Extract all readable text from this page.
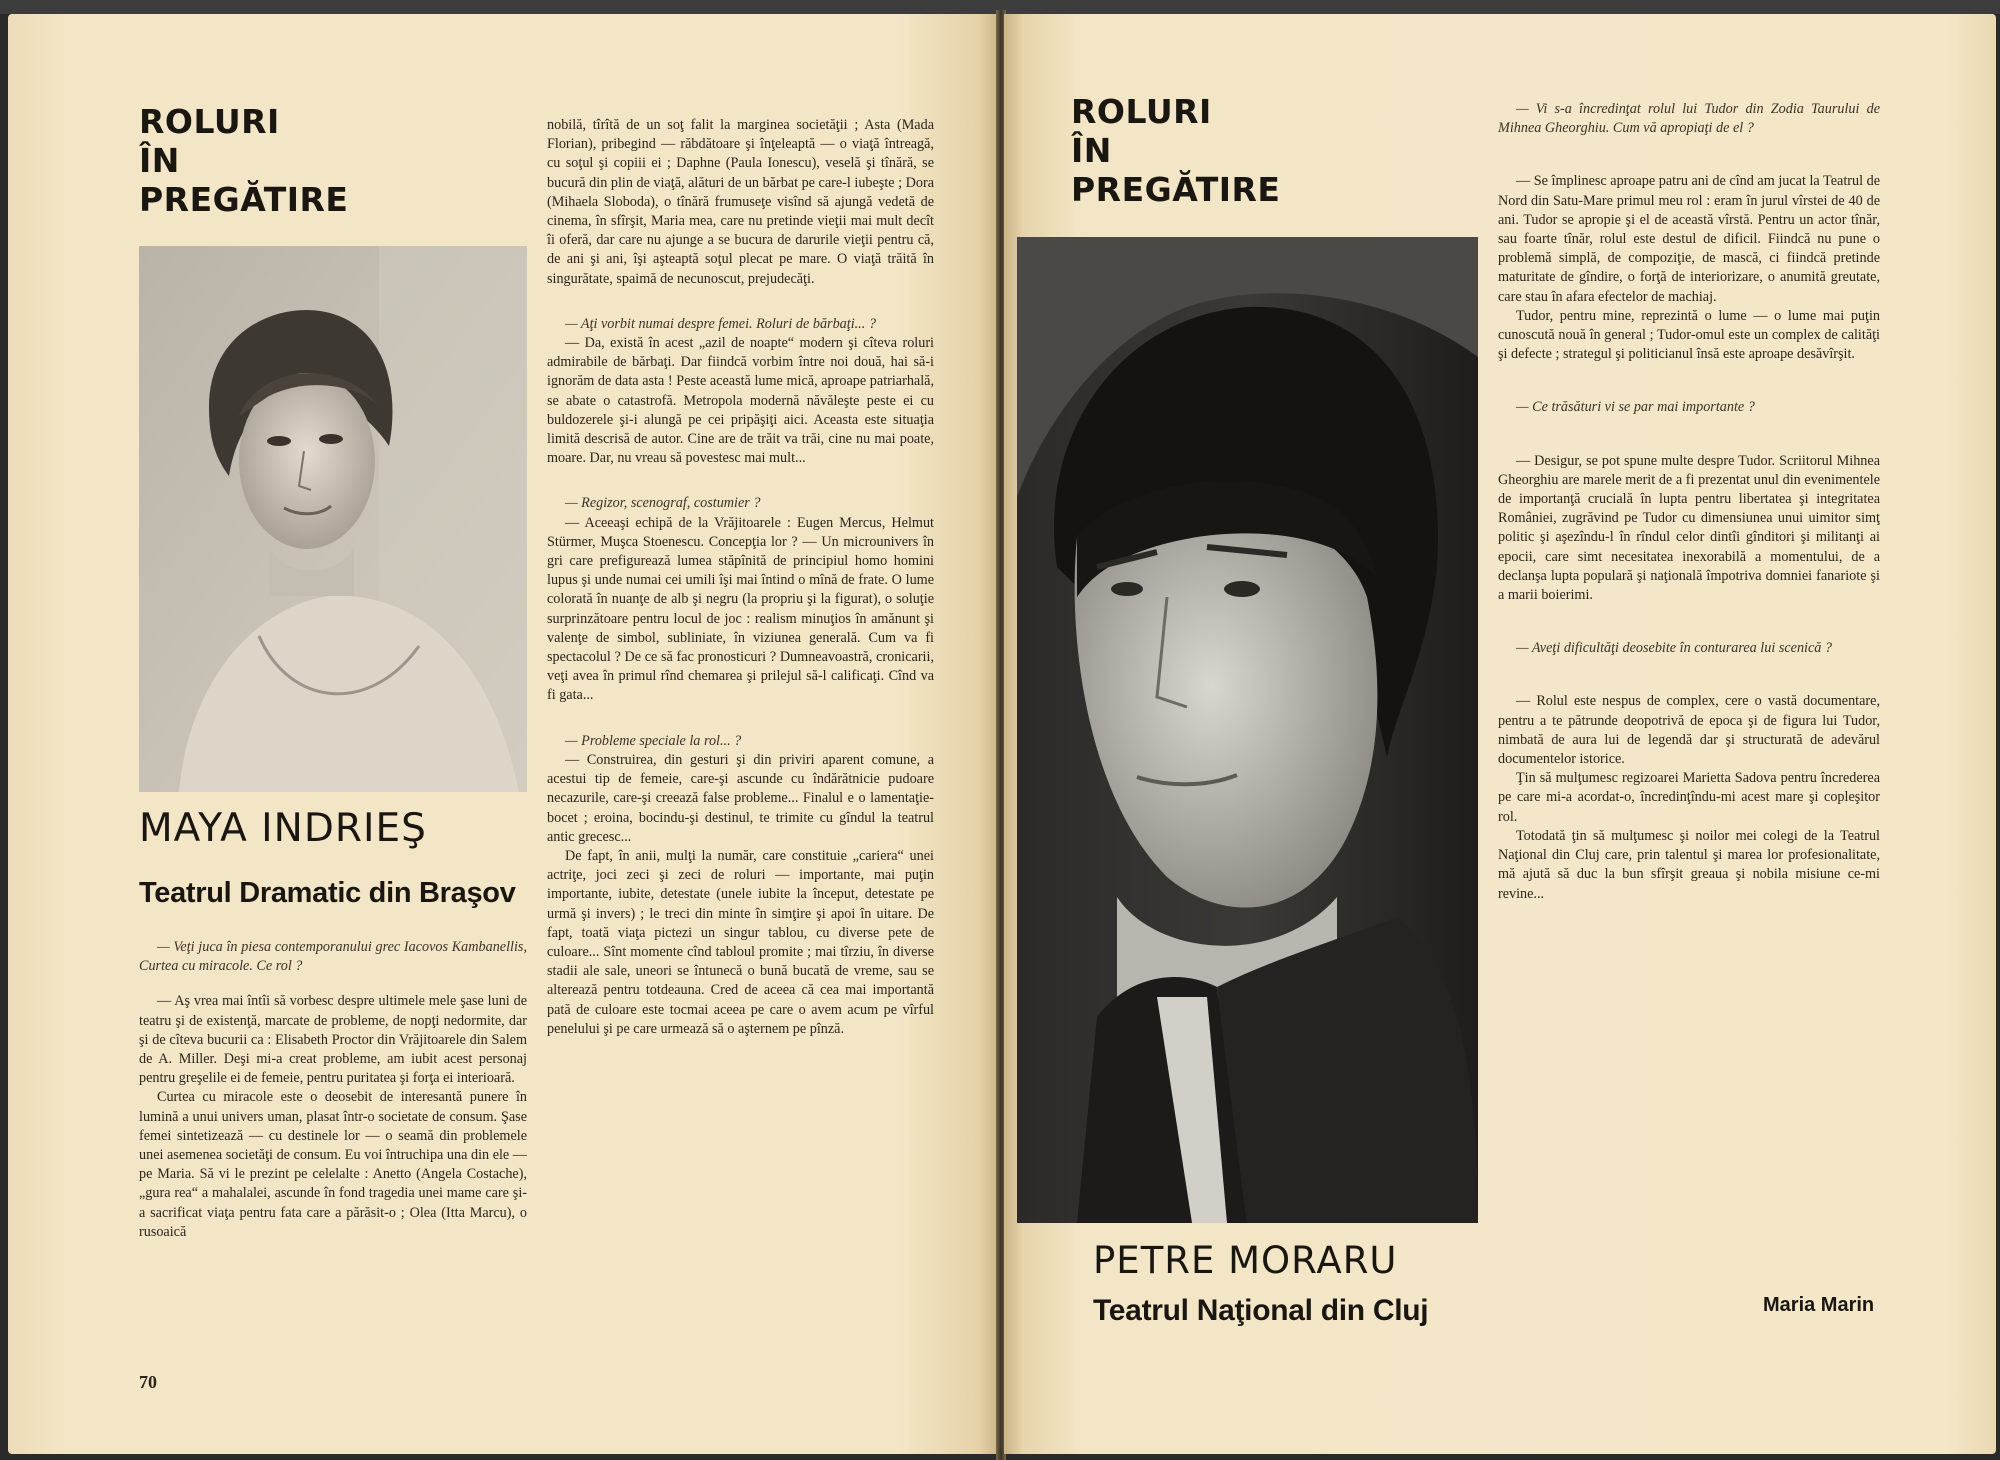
ROLURI
ÎN
PREGĂTIRE
MAYA INDRIEŞ
Teatrul Dramatic din Braşov

— Veţi juca în piesa contemporanului grec Iacovos Kambanellis, Curtea cu miracole. Ce rol ?

— Aş vrea mai întîi să vorbesc despre ultimele mele şase luni de teatru şi de existenţă, marcate de probleme, de nopţi nedormite, dar şi de cîteva bucurii ca : Elisabeth Proctor din Vrăjitoarele din Salem de A. Miller. Deşi mi-a creat probleme, am iubit acest personaj pentru greşelile ei de femeie, pentru puritatea şi forţa ei interioară.

Curtea cu miracole este o deosebit de interesantă punere în lumină a unui univers uman, plasat într-o societate de consum. Şase femei sintetizează — cu destinele lor — o seamă din problemele unei asemenea societăţi de consum. Eu voi întruchipa una din ele — pe Maria. Să vi le prezint pe celelalte : Anetto (Angela Costache), „gura rea“ a mahalalei, ascunde în fond tragedia unei mame care şi-a sacrificat viaţa pentru fata care a părăsit-o ; Olea (Itta Marcu), o rusoaică

nobilă, tîrîtă de un soţ falit la marginea societăţii ; Asta (Mada Florian), pribegind — răbdătoare şi înţeleaptă — o viaţă întreagă, cu soţul şi copiii ei ; Daphne (Paula Ionescu), veselă şi tînără, se bucură din plin de viaţă, alături de un bărbat pe care-l iubeşte ; Dora (Mihaela Sloboda), o tînără frumuseţe visînd să ajungă vedetă de cinema, în sfîrşit, Maria mea, care nu pretinde vieţii mai mult decît îi oferă, dar care nu ajunge a se bucura de darurile vieţii pentru că, de ani şi ani, îşi aşteaptă soţul plecat pe mare. O viaţă trăită în singurătate, spaimă de necunoscut, prejudecăţi.

— Aţi vorbit numai despre femei. Roluri de bărbaţi... ?

— Da, există în acest „azil de noapte“ modern şi cîteva roluri admirabile de bărbaţi. Dar fiindcă vorbim între noi două, hai să-i ignorăm de data asta ! Peste această lume mică, aproape patriarhală, se abate o catastrofă. Metropola modernă năvăleşte peste ei cu buldozerele şi-i alungă pe cei pripăşiţi aici. Aceasta este situaţia limită descrisă de autor. Cine are de trăit va trăi, cine nu mai poate, moare. Dar, nu vreau să povestesc mai mult...

— Regizor, scenograf, costumier ?

— Aceeaşi echipă de la Vrăjitoarele : Eugen Mercus, Helmut Stürmer, Muşca Stoenescu. Concepţia lor ? — Un microunivers în gri care prefigurează lumea stăpînită de principiul homo homini lupus şi unde numai cei umili îşi mai întind o mînă de frate. O lume colorată în nuanţe de alb şi negru (la propriu şi la figurat), o soluţie surprinzătoare pentru locul de joc : realism minuţios în amănunt şi valenţe de simbol, subliniate, în viziunea generală. Cum va fi spectacolul ? De ce să fac pronosticuri ? Dumneavoastră, cronicarii, veţi avea în primul rînd chemarea şi prilejul să-l calificaţi. Cînd va fi gata...

— Probleme speciale la rol... ?

— Construirea, din gesturi şi din priviri aparent comune, a acestui tip de femeie, care-şi ascunde cu îndărătnicie pudoare necazurile, care-şi creează false probleme... Finalul e o lamentaţie-bocet ; eroina, bocindu-şi destinul, te trimite cu gîndul la teatrul antic grecesc...

De fapt, în anii, mulţi la număr, care constituie „cariera“ unei actriţe, joci zeci şi zeci de roluri — importante, mai puţin importante, iubite, detestate (unele iubite la început, detestate pe urmă şi invers) ; le treci din minte în simţire şi apoi în uitare. De fapt, toată viaţa pictezi un singur tablou, cu diverse pete de culoare... Sînt momente cînd tabloul promite ; mai tîrziu, în diverse stadii ale sale, uneori se întunecă o bună bucată de vreme, sau se alterează pentru totdeauna. Cred de aceea că cea mai importantă pată de culoare este tocmai aceea pe care o avem acum pe vîrful penelului şi pe care urmează să o aşternem pe pînză.

70
ROLURI
ÎN
PREGĂTIRE
PETRE MORARU
Teatrul Naţional din Cluj

— Vi s-a încredinţat rolul lui Tudor din Zodia Taurului de Mihnea Gheorghiu. Cum vă apropiaţi de el ?

— Se împlinesc aproape patru ani de cînd am jucat la Teatrul de Nord din Satu-Mare primul meu rol : eram în jurul vîrstei de 40 de ani. Tudor se apropie şi el de această vîrstă. Pentru un actor tînăr, sau foarte tînăr, rolul este destul de dificil. Fiindcă nu pune o problemă simplă, de compoziţie, de mască, ci fiindcă pretinde maturitate de gîndire, o forţă de interiorizare, o anumită greutate, care stau în afara efectelor de machiaj.

Tudor, pentru mine, reprezintă o lume — o lume mai puţin cunoscută nouă în general ; Tudor-omul este un complex de calităţi şi defecte ; strategul şi politicianul însă este aproape desăvîrşit.

— Ce trăsături vi se par mai importante ?

— Desigur, se pot spune multe despre Tudor. Scriitorul Mihnea Gheorghiu are marele merit de a fi prezentat unul din evenimentele de importanţă crucială în lupta pentru libertatea şi integritatea României, zugrăvind pe Tudor cu dimensiunea unui uimitor simţ politic şi aşezîndu-l în rîndul celor dintîi gînditori şi militanţi ai epocii, care simt necesitatea inexorabilă a momentului, de a declanşa lupta populară şi naţională împotriva domniei fanariote şi a marii boierimi.

— Aveţi dificultăţi deosebite în conturarea lui scenică ?

— Rolul este nespus de complex, cere o vastă documentare, pentru a te pătrunde deopotrivă de epoca şi de figura lui Tudor, nimbată de aura lui de legendă dar şi structurată de adevărul documentelor istorice.

Ţin să mulţumesc regizoarei Marietta Sadova pentru încrederea pe care mi-a acordat-o, încredinţîndu-mi acest mare şi copleşitor rol.

Totodată ţin să mulţumesc şi noilor mei colegi de la Teatrul Naţional din Cluj care, prin talentul şi marea lor profesionalitate, mă ajută să duc la bun sfîrşit greaua şi nobila misiune ce-mi revine...

Maria Marin
